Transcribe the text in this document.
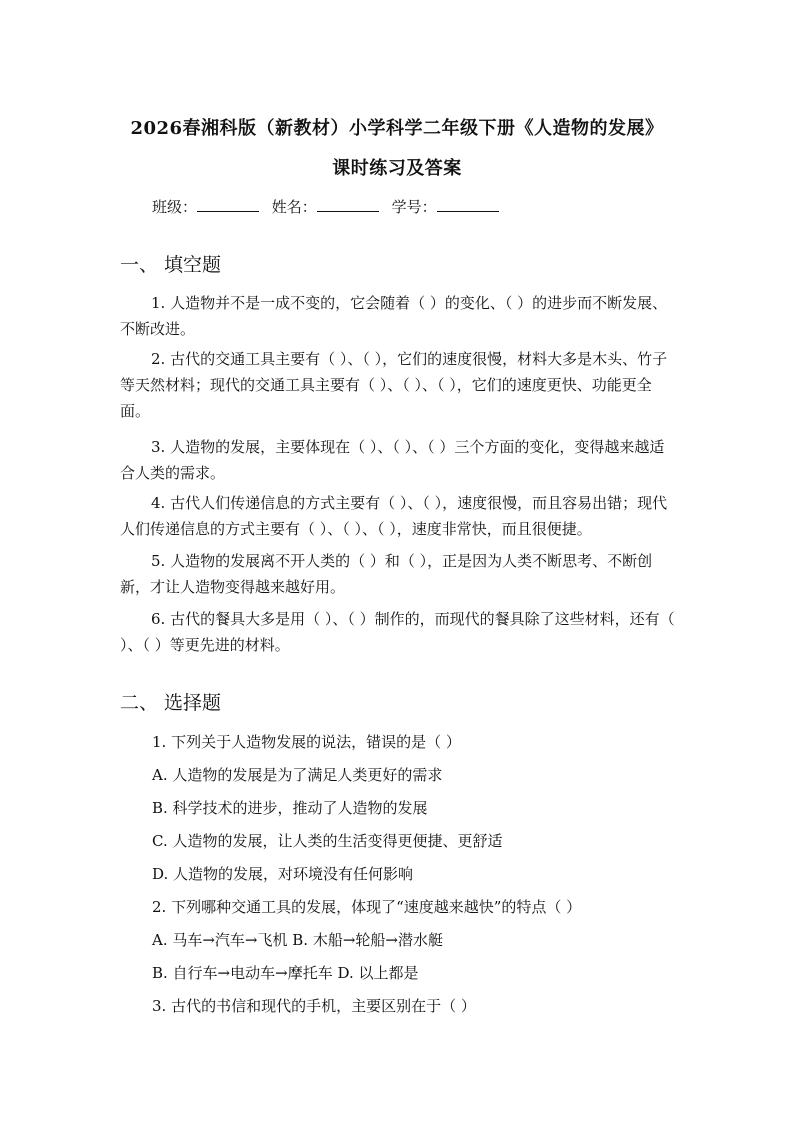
2026春湘科版（新教材）小学科学二年级下册《人造物的发展》
课时练习及答案
班级：	姓名：	学号：
一、 填空题
1. 人造物并不是一成不变的，它会随着（ ）的变化、（ ）的进步而不断发展、不断改进。
2. 古代的交通工具主要有（ ）、（ ），它们的速度很慢，材料大多是木头、竹子等天然材料；现代的交通工具主要有（ ）、（ ）、（ ），它们的速度更快、功能更全面。
3. 人造物的发展，主要体现在（ ）、（ ）、（ ）三个方面的变化，变得越来越适合人类的需求。
4. 古代人们传递信息的方式主要有（ ）、（ ），速度很慢，而且容易出错；现代人们传递信息的方式主要有（ ）、（ ）、（ ），速度非常快，而且很便捷。
5. 人造物的发展离不开人类的（ ）和（ ），正是因为人类不断思考、不断创新，才让人造物变得越来越好用。
6. 古代的餐具大多是用（ ）、（ ）制作的，而现代的餐具除了这些材料，还有（ ）、（ ）等更先进的材料。
二、 选择题
1. 下列关于人造物发展的说法，错误的是（ ）
A. 人造物的发展是为了满足人类更好的需求
B. 科学技术的进步，推动了人造物的发展
C. 人造物的发展，让人类的生活变得更便捷、更舒适
D. 人造物的发展，对环境没有任何影响
2. 下列哪种交通工具的发展，体现了“速度越来越快”的特点（ ）
A. 马车→汽车→飞机 B. 木船→轮船→潜水艇
B. 自行车→电动车→摩托车 D. 以上都是
3. 古代的书信和现代的手机，主要区别在于（ ）
